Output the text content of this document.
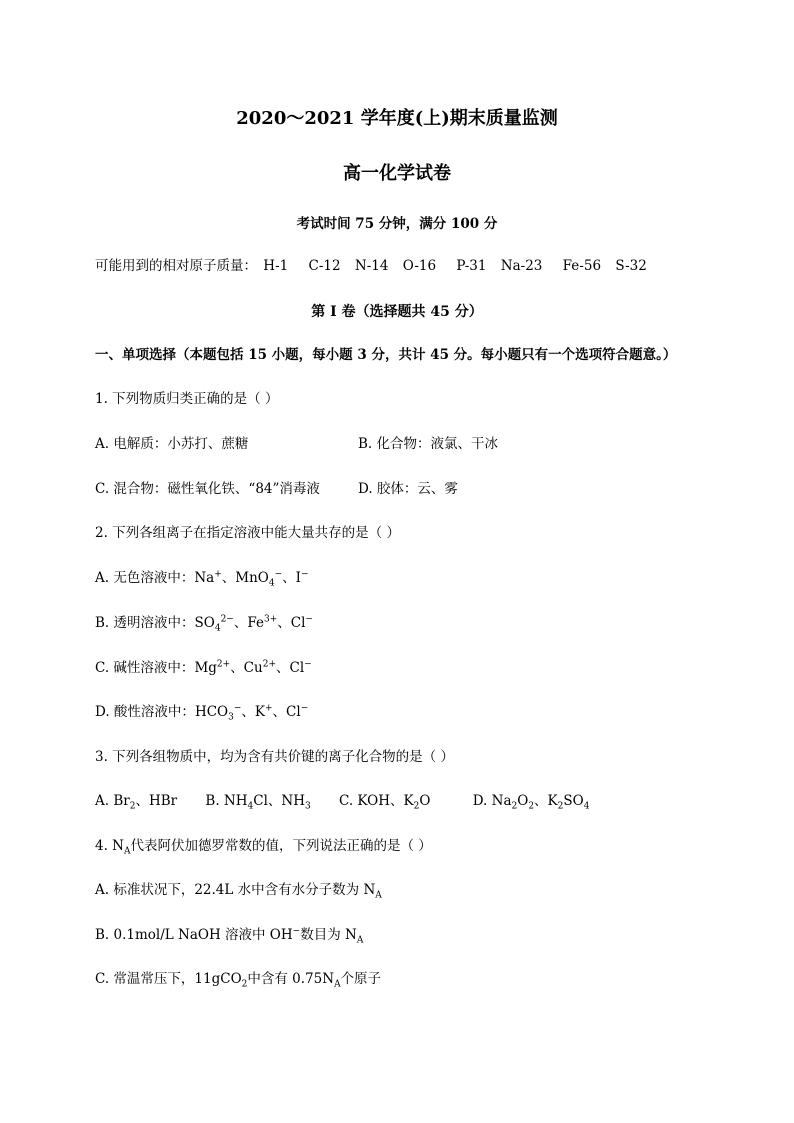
2020～2021 学年度(上)期末质量监测
高一化学试卷
考试时间 75 分钟，满分 100 分
可能用到的相对原子质量： H-1 C-12 N-14 O-16 P-31 Na-23 Fe-56 S-32
第 I 卷（选择题共 45 分）
一、单项选择（本题包括 15 小题，每小题 3 分，共计 45 分。每小题只有一个选项符合题意。）
1. 下列物质归类正确的是（ ）
A. 电解质：小苏打、蔗糖	B. 化合物：液氯、干冰
C. 混合物：磁性氧化铁、“84”消毒液	D. 胶体：云、雾
2. 下列各组离子在指定溶液中能大量共存的是（ ）
A. 无色溶液中：Na+、MnO$_4$−、I−
B. 透明溶液中：$SO_4^{2-}$、$Fe^{3+}$、Cl−
C. 碱性溶液中：$Mg^{2+}$、$Cu^{2+}$、Cl−
D. 酸性溶液中：$HCO_3^-$、K+、Cl−
3. 下列各组物质中，均为含有共价键的离子化合物的是（ ）
A. $Br_2$、HBr B. $NH_4Cl$、$NH_3$ C. KOH、$K_2O$	D. $Na_2O_2$、$K_2SO_4$
4. $N_A$代表阿伏加德罗常数的值，下列说法正确的是（ ）
A. 标准状况下，22.4L 水中含有水分子数为 $N_A$
B. 0.1mol/L NaOH 溶液中 OH−数目为 $N_A$
C. 常温常压下，11gCO$_2$中含有 $0.75N_A$个原子
